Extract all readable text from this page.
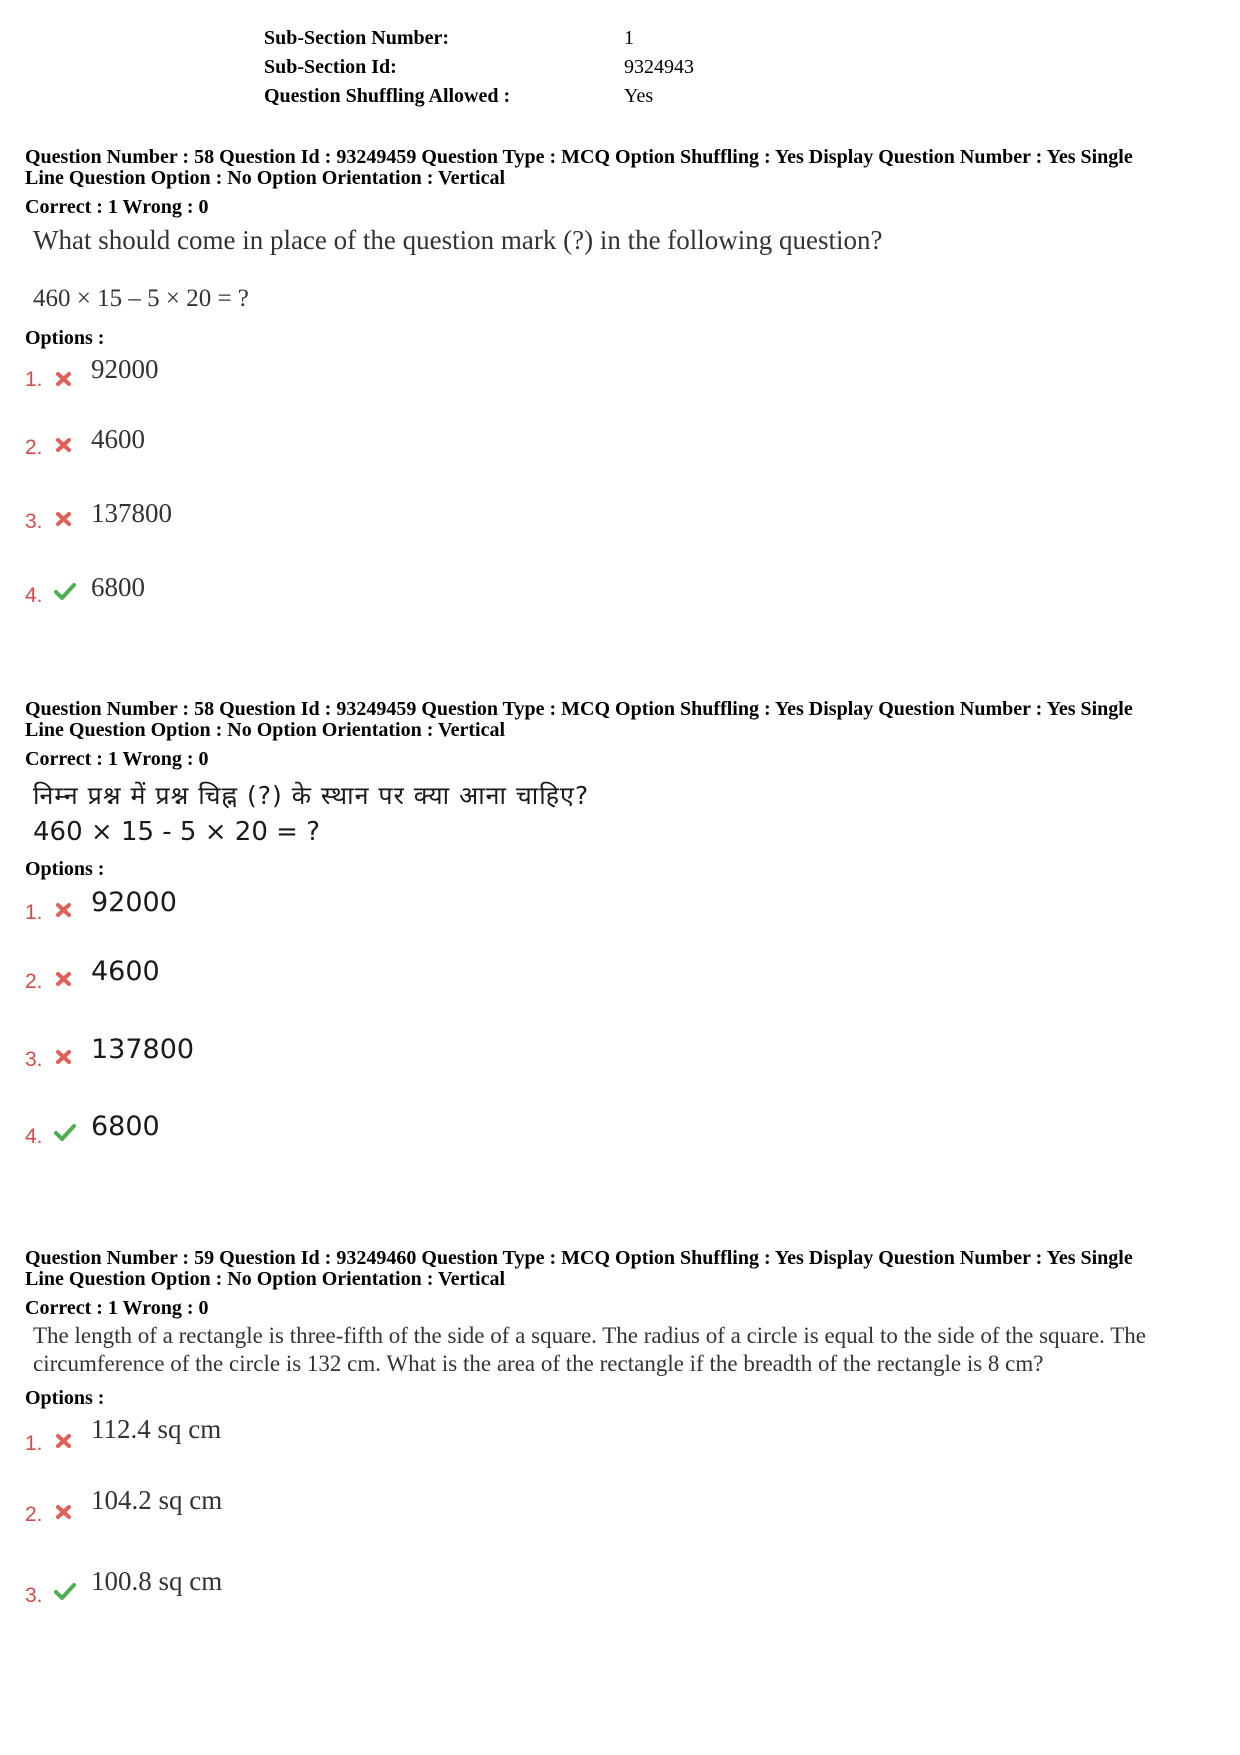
Sub-Section Number:	1
Sub-Section Id:	9324943
Question Shuffling Allowed :	Yes
Question Number : 58 Question Id : 93249459 Question Type : MCQ Option Shuffling : Yes Display Question Number : Yes Single
Line Question Option : No Option Orientation : Vertical
Correct : 1 Wrong : 0
What should come in place of the question mark (?) in the following question?
460 × 15 – 5 × 20 = ?
Options :
1. 92000
2. 4600
3. 137800
4. 6800
Question Number : 58 Question Id : 93249459 Question Type : MCQ Option Shuffling : Yes Display Question Number : Yes Single
Line Question Option : No Option Orientation : Vertical
Correct : 1 Wrong : 0
निम्न प्रश्न में प्रश्न चिह्न (?) के स्थान पर क्या आना चाहिए?
460 × 15 - 5 × 20 = ?
Options :
1. 92000
2. 4600
3. 137800
4. 6800
Question Number : 59 Question Id : 93249460 Question Type : MCQ Option Shuffling : Yes Display Question Number : Yes Single
Line Question Option : No Option Orientation : Vertical
Correct : 1 Wrong : 0
The length of a rectangle is three-fifth of the side of a square. The radius of a circle is equal to the side of the square. The
circumference of the circle is 132 cm. What is the area of the rectangle if the breadth of the rectangle is 8 cm?
Options :
1. 112.4 sq cm
2. 104.2 sq cm
3. 100.8 sq cm
